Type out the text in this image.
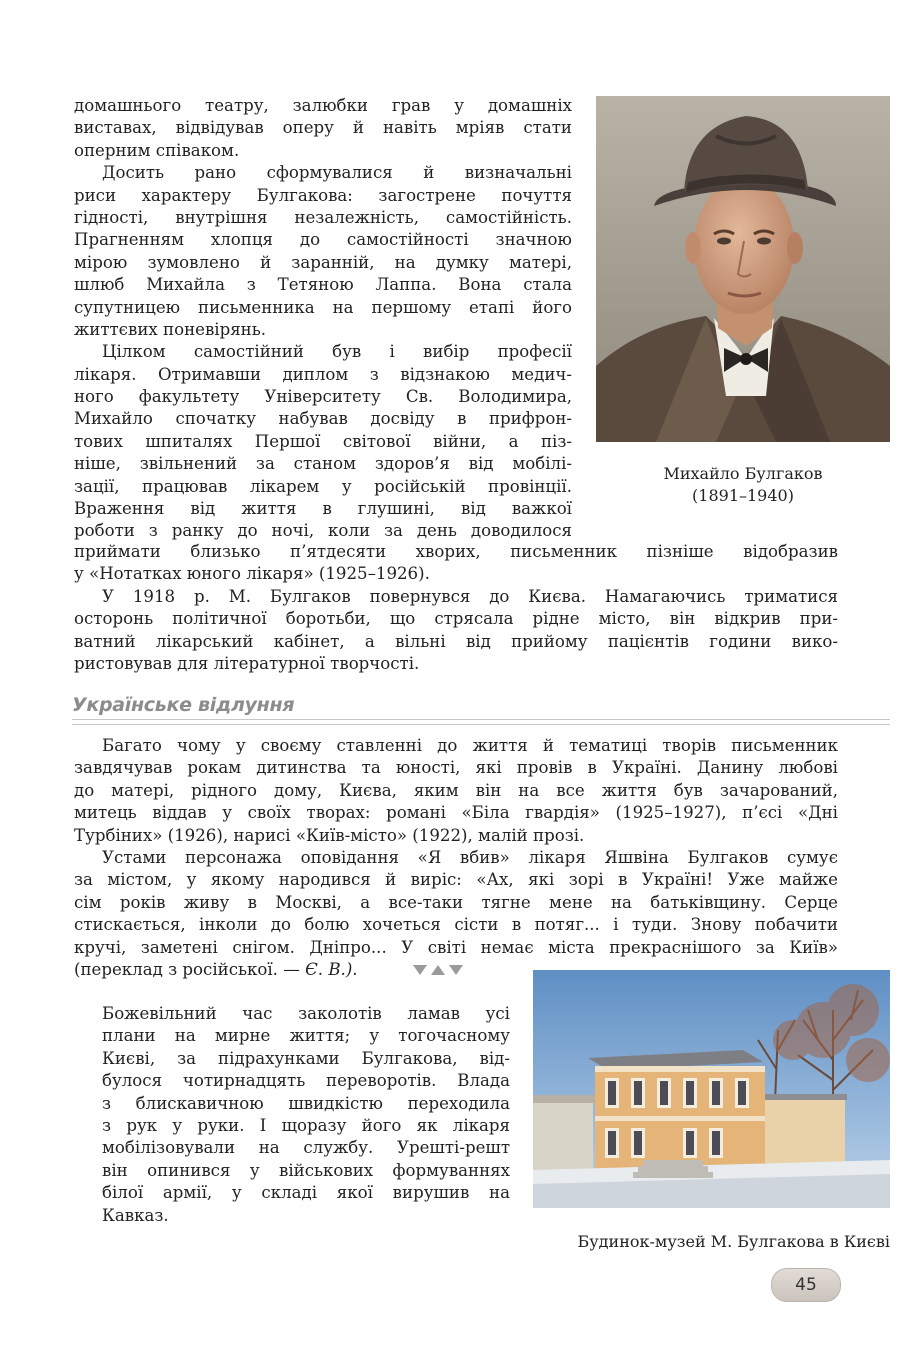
домашнього театру, залюбки грав у домашніх

виставах, відвідував оперу й навіть мріяв стати

оперним співаком.

Досить рано сформувалися й визначальні

риси характеру Булгакова: загострене почуття

гідності, внутрішня незалежність, самостійність.

Прагненням хлопця до самостійності значною

мірою зумовлено й заранній, на думку матері,

шлюб Михайла з Тетяною Лаппа. Вона стала

супутницею письменника на першому етапі його

життєвих поневірянь.

Цілком самостійний був і вибір професії

лікаря. Отримавши диплом з відзнакою медич-

ного факультету Університету Св. Володимира,

Михайло спочатку набував досвіду в прифрон-

тових шпиталях Першої світової війни, а піз-

ніше, звільнений за станом здоров’я від мобілі-

зації, працював лікарем у російській провінції.

Враження від життя в глушині, від важкої

роботи з ранку до ночі, коли за день доводилося

Михайло Булгаков
(1891–1940)

приймати близько п’ятдесяти хворих, письменник пізніше відобразив

у «Нотатках юного лікаря» (1925–1926).

У 1918 р. М. Булгаков повернувся до Києва. Намагаючись триматися

осторонь політичної боротьби, що стрясала рідне місто, він відкрив при-

ватний лікарський кабінет, а вільні від прийому пацієнтів години вико-

ристовував для літературної творчості.

Українське відлуння

Багато чому у своєму ставленні до життя й тематиці творів письменник

завдячував рокам дитинства та юності, які провів в Україні. Данину любові

до матері, рідного дому, Києва, яким він на все життя був зачарований,

митець віддав у своїх творах: романі «Біла гвардія» (1925–1927), п’єсі «Дні

Турбіних» (1926), нарисі «Київ-місто» (1922), малій прозі.

Устами персонажа оповідання «Я вбив» лікаря Яшвіна Булгаков сумує

за містом, у якому народився й виріс: «Ах, які зорі в Україні! Уже майже

сім років живу в Москві, а все-таки тягне мене на батьківщину. Серце

стискається, інколи до болю хочеться сісти в потяг... і туди. Знову побачити

кручі, заметені снігом. Дніпро... У світі немає міста прекраснішого за Київ»

(переклад з російської. — Є. В.).

Божевільний час заколотів ламав усі

плани на мирне життя; у тогочасному

Києві, за підрахунками Булгакова, від-

булося чотирнадцять переворотів. Влада

з блискавичною швидкістю переходила

з рук у руки. І щоразу його як лікаря

мобілізовували на службу. Урешті-решт

він опинився у військових формуваннях

білої армії, у складі якої вирушив на

Кавказ.

Будинок-музей М. Булгакова в Києві
45
